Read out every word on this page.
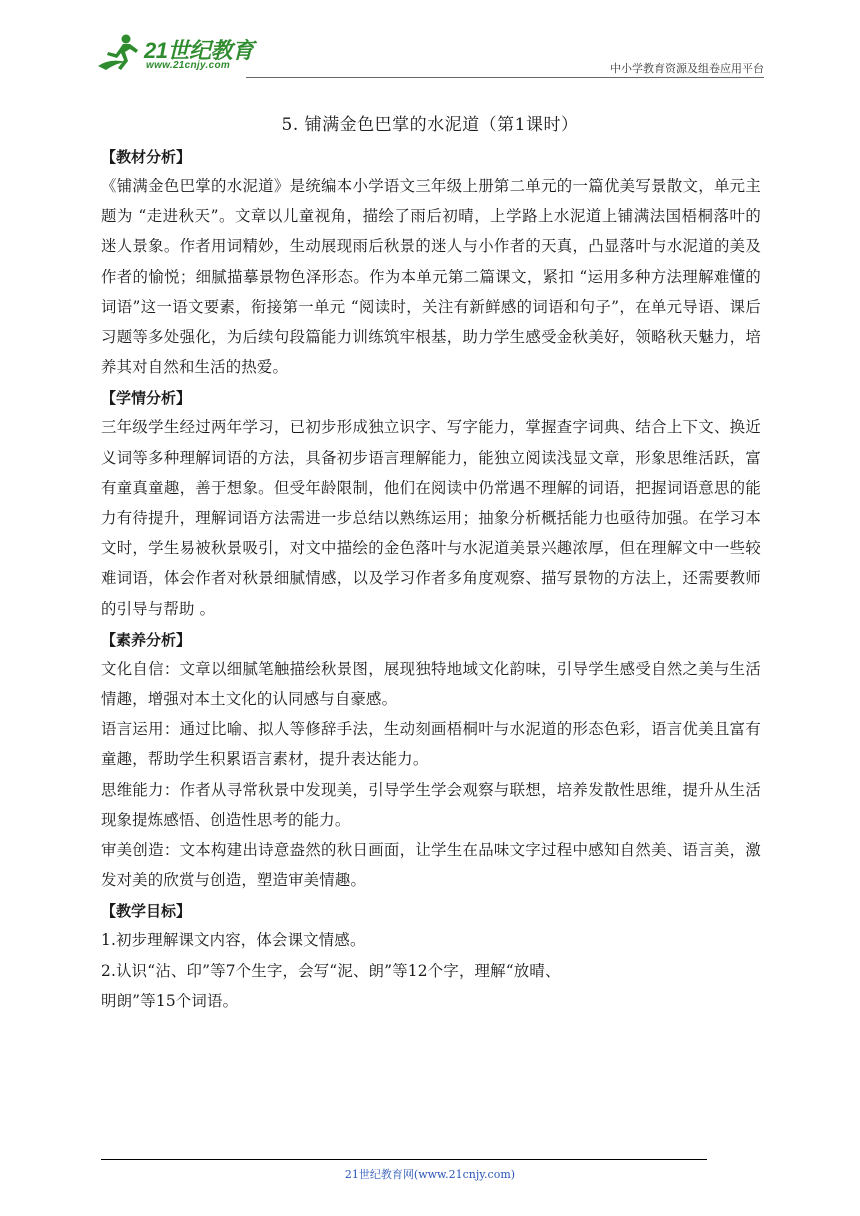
21世纪教育
www.21cnjy.com	中小学教育资源及组卷应用平台
5. 铺满金色巴掌的水泥道（第1课时）
【教材分析】
《铺满金色巴掌的水泥道》是统编本小学语文三年级上册第二单元的一篇优美写景散文，单元主题为 “走进秋天”。文章以儿童视角，描绘了雨后初晴，上学路上水泥道上铺满法国梧桐落叶的迷人景象。作者用词精妙，生动展现雨后秋景的迷人与小作者的天真，凸显落叶与水泥道的美及作者的愉悦；细腻描摹景物色泽形态。作为本单元第二篇课文，紧扣 “运用多种方法理解难懂的词语”这一语文要素，衔接第一单元 “阅读时，关注有新鲜感的词语和句子”，在单元导语、课后习题等多处强化，为后续句段篇能力训练筑牢根基，助力学生感受金秋美好，领略秋天魅力，培养其对自然和生活的热爱。
【学情分析】
三年级学生经过两年学习，已初步形成独立识字、写字能力，掌握查字词典、结合上下文、换近义词等多种理解词语的方法，具备初步语言理解能力，能独立阅读浅显文章，形象思维活跃，富有童真童趣，善于想象。但受年龄限制，他们在阅读中仍常遇不理解的词语，把握词语意思的能力有待提升，理解词语方法需进一步总结以熟练运用；抽象分析概括能力也亟待加强。在学习本文时，学生易被秋景吸引，对文中描绘的金色落叶与水泥道美景兴趣浓厚，但在理解文中一些较难词语，体会作者对秋景细腻情感，以及学习作者多角度观察、描写景物的方法上，还需要教师的引导与帮助 。
【素养分析】
文化自信：文章以细腻笔触描绘秋景图，展现独特地域文化韵味，引导学生感受自然之美与生活情趣，增强对本土文化的认同感与自豪感。
语言运用：通过比喻、拟人等修辞手法，生动刻画梧桐叶与水泥道的形态色彩，语言优美且富有童趣，帮助学生积累语言素材，提升表达能力。
思维能力：作者从寻常秋景中发现美，引导学生学会观察与联想，培养发散性思维，提升从生活现象提炼感悟、创造性思考的能力。
审美创造：文本构建出诗意盎然的秋日画面，让学生在品味文字过程中感知自然美、语言美，激发对美的欣赏与创造，塑造审美情趣。
【教学目标】
1.初步理解课文内容，体会课文情感。
2.认识“沾、印”等7个生字，会写“泥、朗”等12个字，理解“放晴、
明朗”等15个词语。
21世纪教育网(www.21cnjy.com)
